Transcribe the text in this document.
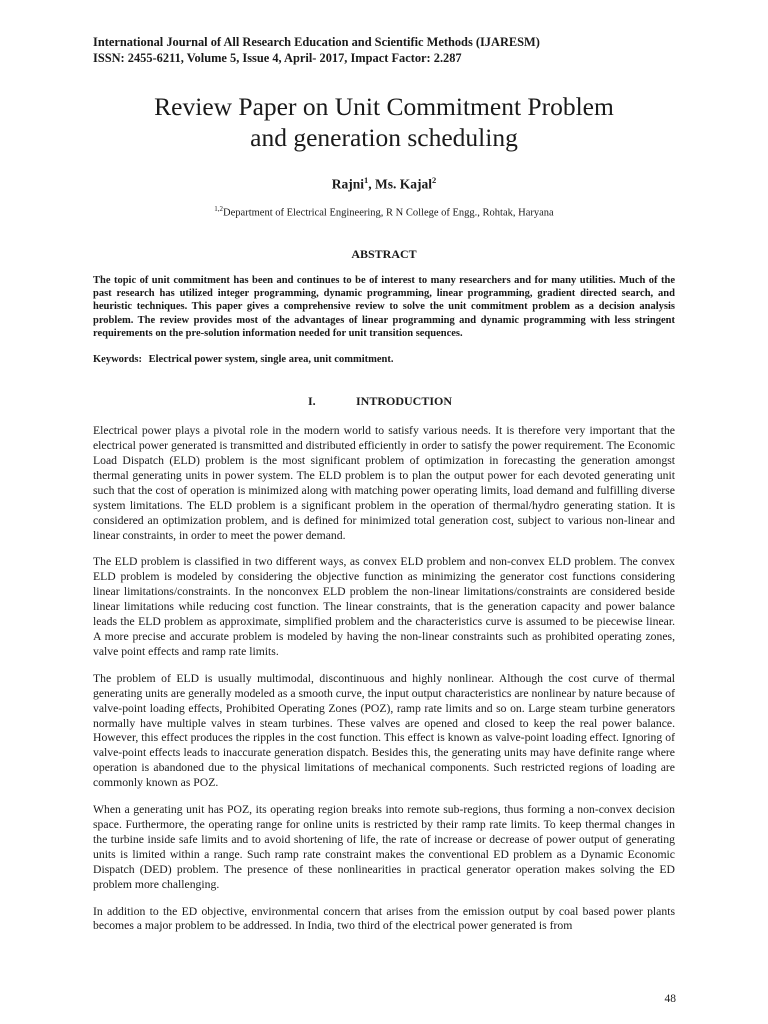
International Journal of All Research Education and Scientific Methods (IJARESM)
ISSN: 2455-6211, Volume 5, Issue 4, April- 2017, Impact Factor: 2.287
Review Paper on Unit Commitment Problem
and generation scheduling
Rajni$^1$, Ms. Kajal$^2$
$^{1,2}$Department of Electrical Engineering, R N College of Engg., Rohtak, Haryana
ABSTRACT
The topic of unit commitment has been and continues to be of interest to many researchers and for many utilities. Much of the past research has utilized integer programming, dynamic programming, linear programming, gradient directed search, and heuristic techniques. This paper gives a comprehensive review to solve the unit commitment problem as a decision analysis problem. The review provides most of the advantages of linear programming and dynamic programming with less stringent requirements on the pre-solution information needed for unit transition sequences.
Keywords: Electrical power system, single area, unit commitment.
I.	INTRODUCTION

Electrical power plays a pivotal role in the modern world to satisfy various needs. It is therefore very important that the electrical power generated is transmitted and distributed efficiently in order to satisfy the power requirement. The Economic Load Dispatch (ELD) problem is the most significant problem of optimization in forecasting the generation amongst thermal generating units in power system. The ELD problem is to plan the output power for each devoted generating unit such that the cost of operation is minimized along with matching power operating limits, load demand and fulfilling diverse system limitations. The ELD problem is a significant problem in the operation of thermal/hydro generating station. It is considered an optimization problem, and is defined for minimized total generation cost, subject to various non-linear and linear constraints, in order to meet the power demand.

The ELD problem is classified in two different ways, as convex ELD problem and non-convex ELD problem. The convex ELD problem is modeled by considering the objective function as minimizing the generator cost functions considering linear limitations/constraints. In the nonconvex ELD problem the non-linear limitations/constraints are considered beside linear limitations while reducing cost function. The linear constraints, that is the generation capacity and power balance leads the ELD problem as approximate, simplified problem and the characteristics curve is assumed to be piecewise linear. A more precise and accurate problem is modeled by having the non-linear constraints such as prohibited operating zones, valve point effects and ramp rate limits.

The problem of ELD is usually multimodal, discontinuous and highly nonlinear. Although the cost curve of thermal generating units are generally modeled as a smooth curve, the input output characteristics are nonlinear by nature because of valve-point loading effects, Prohibited Operating Zones (POZ), ramp rate limits and so on. Large steam turbine generators normally have multiple valves in steam turbines. These valves are opened and closed to keep the real power balance. However, this effect produces the ripples in the cost function. This effect is known as valve-point loading effect. Ignoring of valve-point effects leads to inaccurate generation dispatch. Besides this, the generating units may have definite range where operation is abandoned due to the physical limitations of mechanical components. Such restricted regions of loading are commonly known as POZ.

When a generating unit has POZ, its operating region breaks into remote sub-regions, thus forming a non-convex decision space. Furthermore, the operating range for online units is restricted by their ramp rate limits. To keep thermal changes in the turbine inside safe limits and to avoid shortening of life, the rate of increase or decrease of power output of generating units is limited within a range. Such ramp rate constraint makes the conventional ED problem as a Dynamic Economic Dispatch (DED) problem. The presence of these nonlinearities in practical generator operation makes solving the ED problem more challenging.

In addition to the ED objective, environmental concern that arises from the emission output by coal based power plants becomes a major problem to be addressed. In India, two third of the electrical power generated is from

48
